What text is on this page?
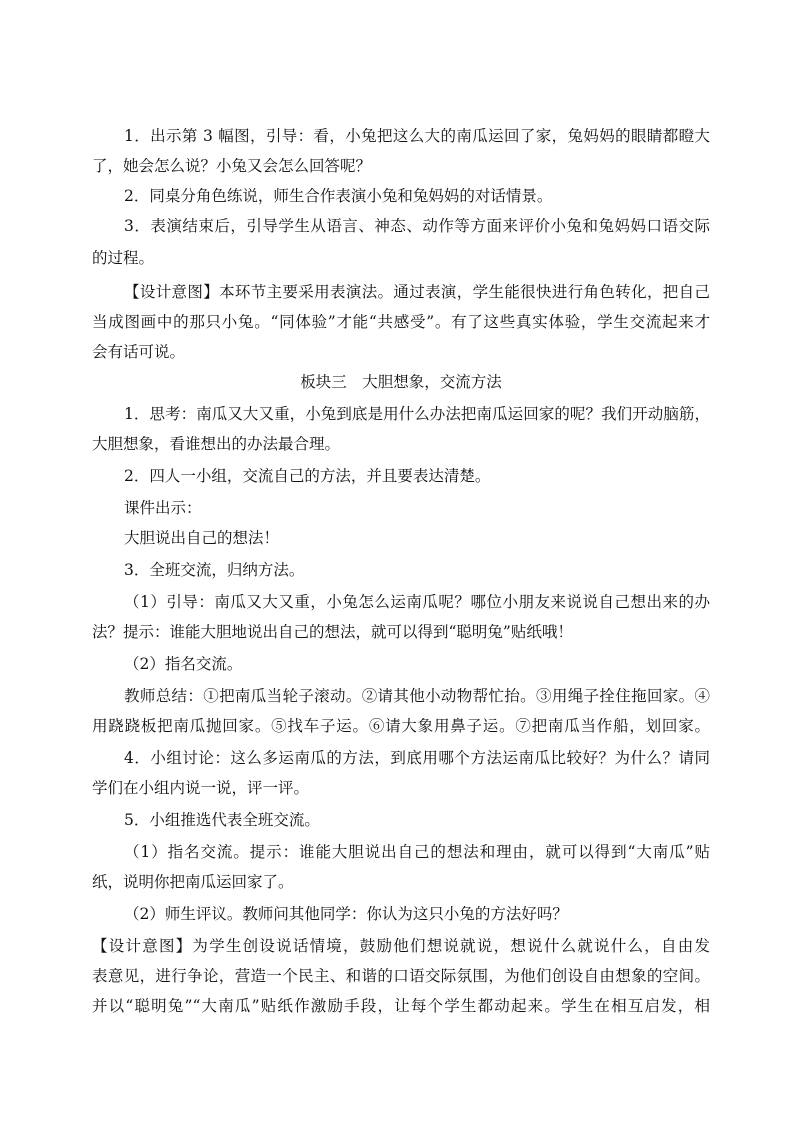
1．出示第 3 幅图，引导：看，小兔把这么大的南瓜运回了家，兔妈妈的眼睛都瞪大

了，她会怎么说？小兔又会怎么回答呢？

2．同桌分角色练说，师生合作表演小兔和兔妈妈的对话情景。

3．表演结束后，引导学生从语言、神态、动作等方面来评价小兔和兔妈妈口语交际

的过程。

【设计意图】本环节主要采用表演法。通过表演，学生能很快进行角色转化，把自己

当成图画中的那只小兔。“同体验”才能“共感受”。有了这些真实体验，学生交流起来才

会有话可说。

板块三　大胆想象，交流方法

1．思考：南瓜又大又重，小兔到底是用什么办法把南瓜运回家的呢？我们开动脑筋，

大胆想象，看谁想出的办法最合理。

2．四人一小组，交流自己的方法，并且要表达清楚。

课件出示：

大胆说出自己的想法！

3．全班交流，归纳方法。

（1）引导：南瓜又大又重，小兔怎么运南瓜呢？哪位小朋友来说说自己想出来的办

法？提示：谁能大胆地说出自己的想法，就可以得到“聪明兔”贴纸哦！

（2）指名交流。

教师总结：①把南瓜当轮子滚动。②请其他小动物帮忙抬。③用绳子拴住拖回家。④

用跷跷板把南瓜抛回家。⑤找车子运。⑥请大象用鼻子运。⑦把南瓜当作船，划回家。

4．小组讨论：这么多运南瓜的方法，到底用哪个方法运南瓜比较好？为什么？请同

学们在小组内说一说，评一评。

5．小组推选代表全班交流。

（1）指名交流。提示：谁能大胆说出自己的想法和理由，就可以得到“大南瓜”贴

纸，说明你把南瓜运回家了。

（2）师生评议。教师问其他同学：你认为这只小兔的方法好吗？

【设计意图】为学生创设说话情境，鼓励他们想说就说，想说什么就说什么，自由发

表意见，进行争论，营造一个民主、和谐的口语交际氛围，为他们创设自由想象的空间。

并以“聪明兔”“大南瓜”贴纸作激励手段，让每个学生都动起来。学生在相互启发，相
